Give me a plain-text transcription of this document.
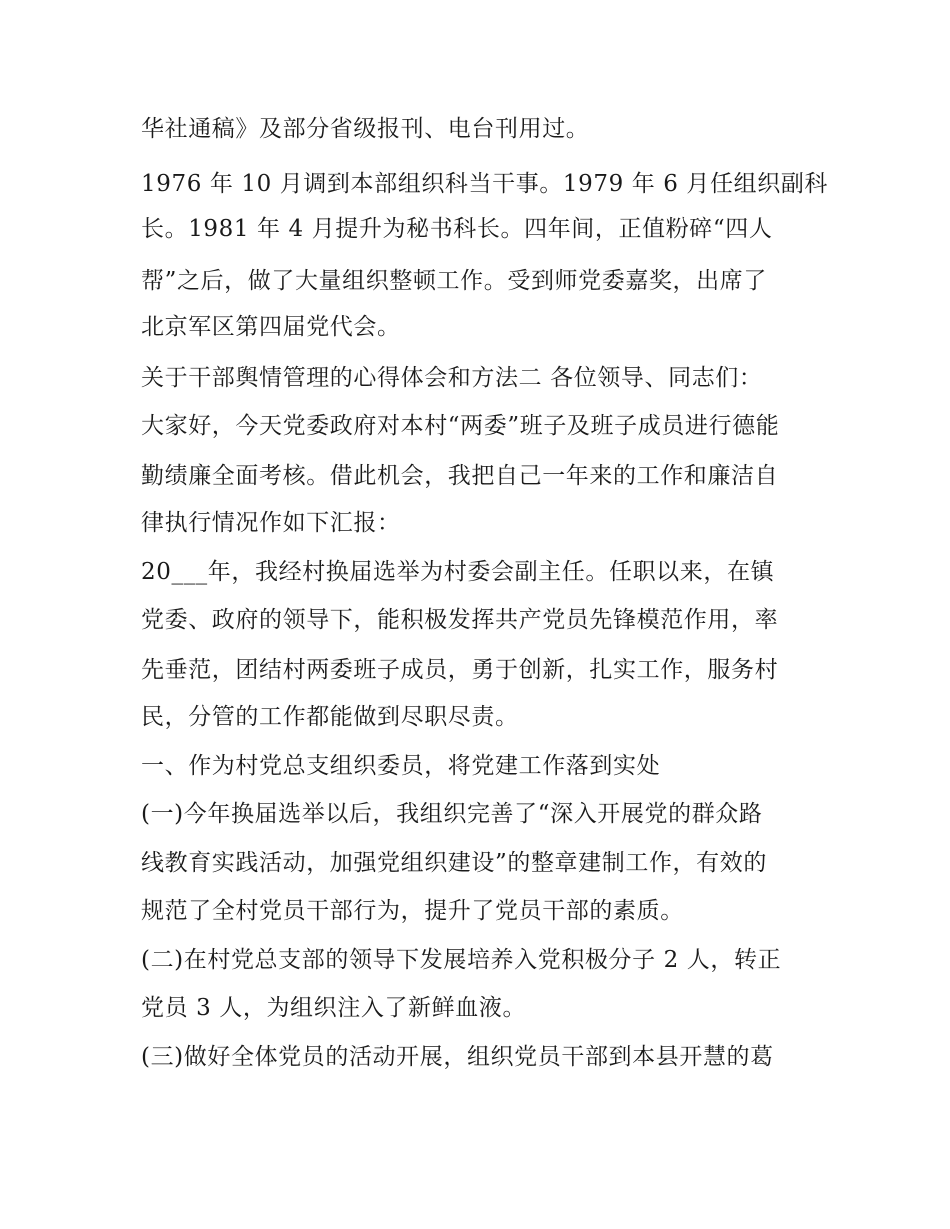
华社通稿》及部分省级报刊、电台刊用过。
1976 年 10 月调到本部组织科当干事。1979 年 6 月任组织副科
长。1981 年 4 月提升为秘书科长。四年间，正值粉碎“四人
帮”之后，做了大量组织整顿工作。受到师党委嘉奖，出席了
北京军区第四届党代会。
关于干部舆情管理的心得体会和方法二 各位领导、同志们：
大家好，今天党委政府对本村“两委”班子及班子成员进行德能
勤绩廉全面考核。借此机会，我把自己一年来的工作和廉洁自
律执行情况作如下汇报：
20___年，我经村换届选举为村委会副主任。任职以来，在镇
党委、政府的领导下，能积极发挥共产党员先锋模范作用，率
先垂范，团结村两委班子成员，勇于创新，扎实工作，服务村
民，分管的工作都能做到尽职尽责。
一、作为村党总支组织委员，将党建工作落到实处
(一)今年换届选举以后，我组织完善了“深入开展党的群众路
线教育实践活动，加强党组织建设”的整章建制工作，有效的
规范了全村党员干部行为，提升了党员干部的素质。
(二)在村党总支部的领导下发展培养入党积极分子 2 人，转正
党员 3 人，为组织注入了新鲜血液。
(三)做好全体党员的活动开展，组织党员干部到本县开慧的葛
